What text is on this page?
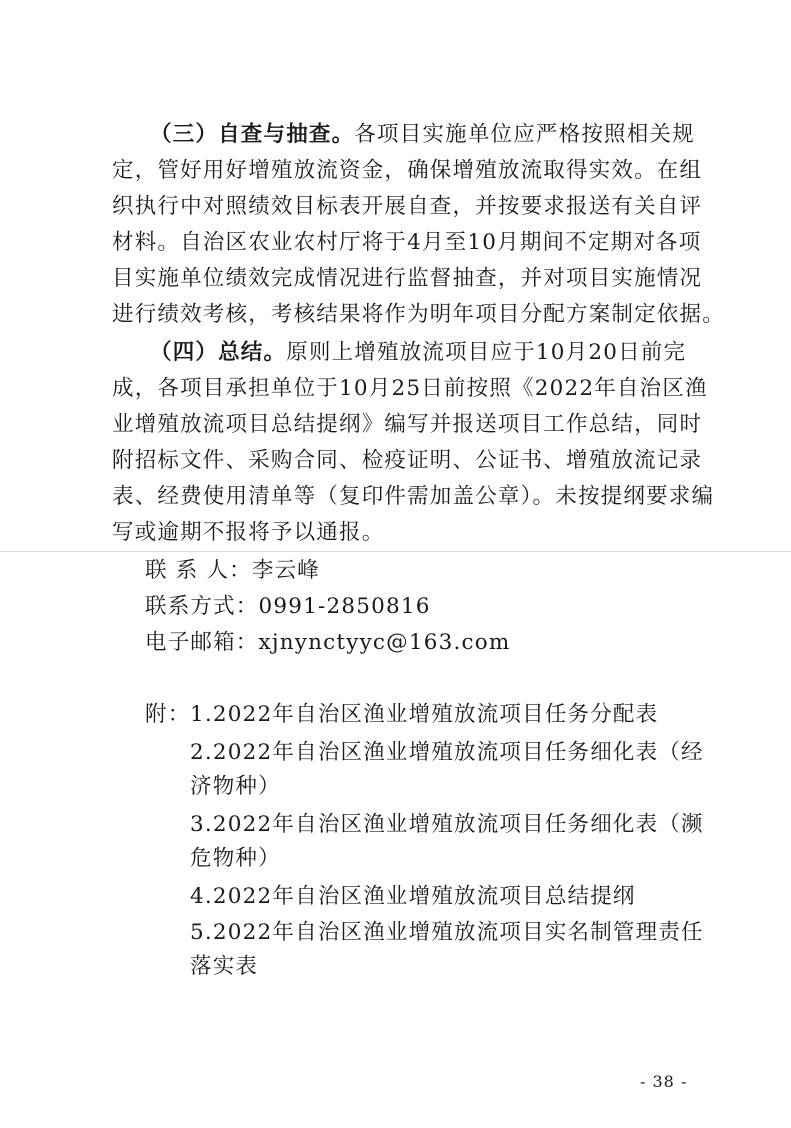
（三）自查与抽查。各项目实施单位应严格按照相关规
定，管好用好增殖放流资金，确保增殖放流取得实效。在组
织执行中对照绩效目标表开展自查，并按要求报送有关自评
材料。自治区农业农村厅将于4月至10月期间不定期对各项
目实施单位绩效完成情况进行监督抽查，并对项目实施情况
进行绩效考核，考核结果将作为明年项目分配方案制定依据。
（四）总结。原则上增殖放流项目应于10月20日前完
成，各项目承担单位于10月25日前按照《2022年自治区渔
业增殖放流项目总结提纲》编写并报送项目工作总结，同时
附招标文件、采购合同、检疫证明、公证书、增殖放流记录
表、经费使用清单等（复印件需加盖公章）。未按提纲要求编
写或逾期不报将予以通报。
联 系 人：李云峰
联系方式：0991-2850816
电子邮箱：xjnynctyyc@163.com
附： 1.2022年自治区渔业增殖放流项目任务分配表
2.2022年自治区渔业增殖放流项目任务细化表（经
济物种）
3.2022年自治区渔业增殖放流项目任务细化表（濒
危物种）
4.2022年自治区渔业增殖放流项目总结提纲
5.2022年自治区渔业增殖放流项目实名制管理责任
落实表
- 38 -
